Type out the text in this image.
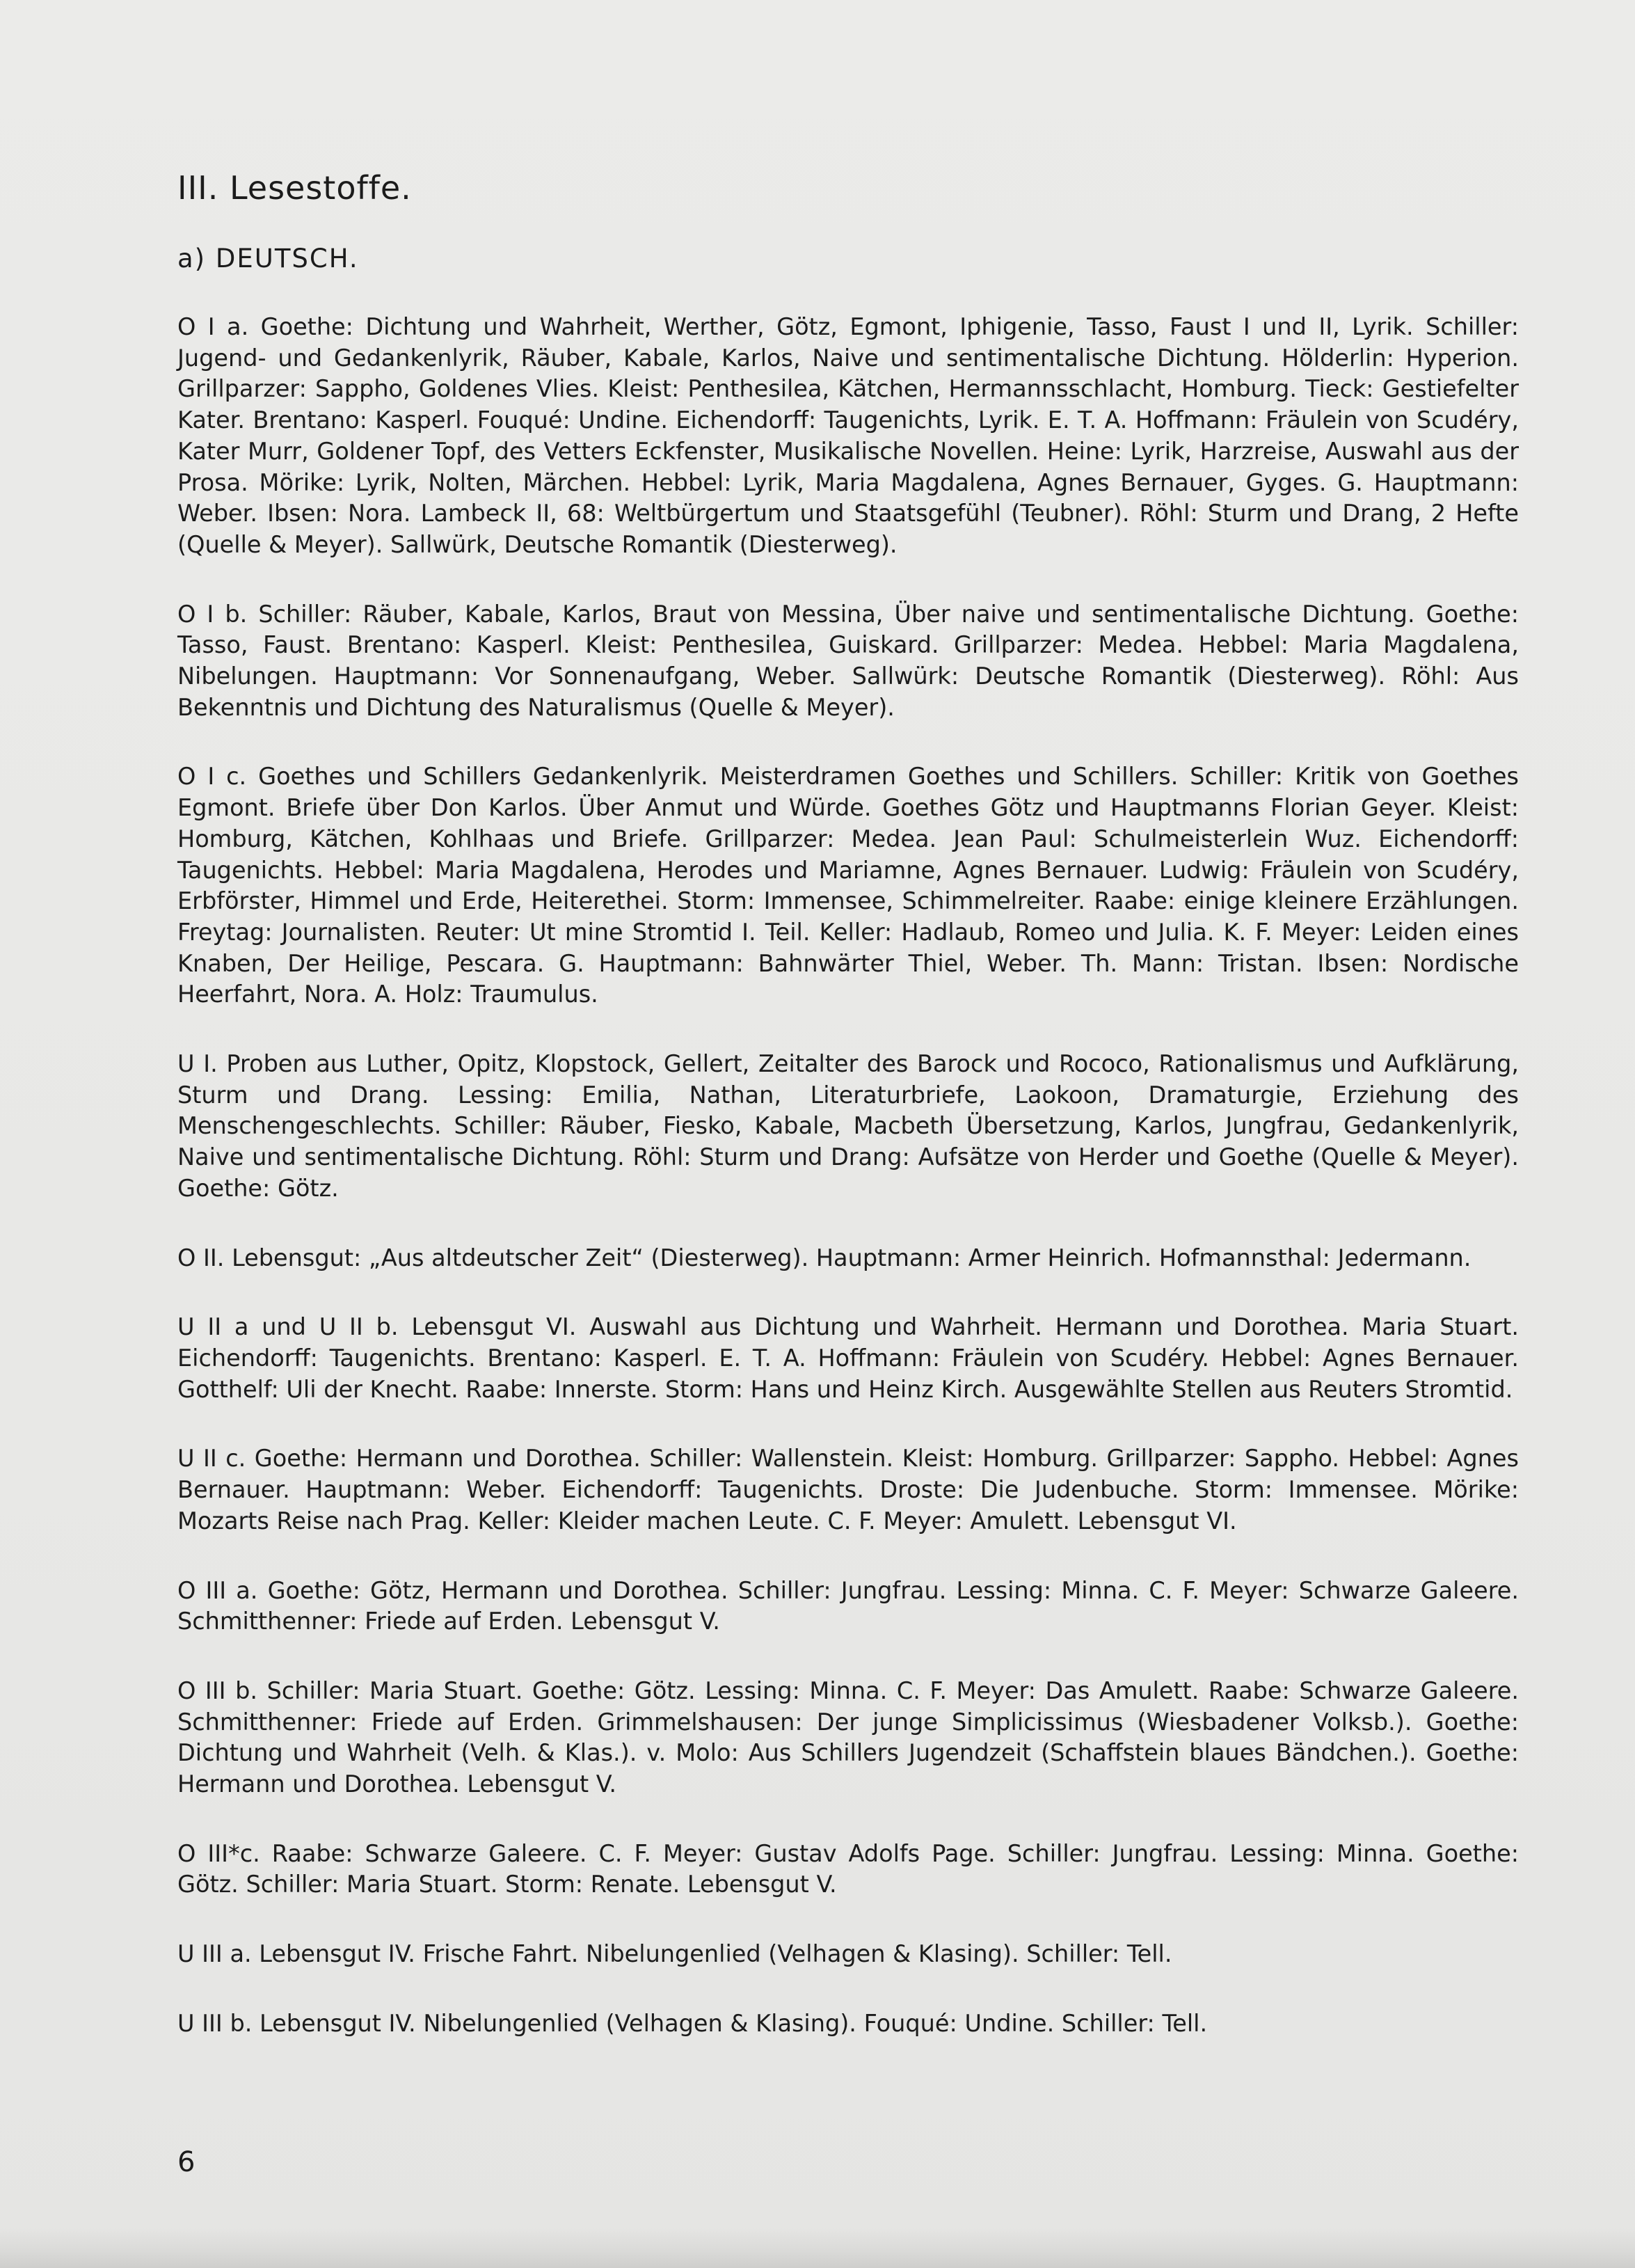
III. Lesestoffe.
a) DEUTSCH.

O I a. Goethe: Dichtung und Wahrheit, Werther, Götz, Egmont, Iphigenie, Tasso, Faust I und II, Lyrik. Schiller: Jugend- und Gedankenlyrik, Räuber, Kabale, Karlos, Naive und sentimentalische Dichtung. Hölderlin: Hyperion. Grillparzer: Sappho, Goldenes Vlies. Kleist: Penthesilea, Kätchen, Hermannsschlacht, Homburg. Tieck: Gestiefelter Kater. Brentano: Kasperl. Fouqué: Undine. Eichendorff: Taugenichts, Lyrik. E. T. A. Hoffmann: Fräulein von Scudéry, Kater Murr, Goldener Topf, des Vetters Eckfenster, Musikalische Novellen. Heine: Lyrik, Harzreise, Auswahl aus der Prosa. Mörike: Lyrik, Nolten, Märchen. Hebbel: Lyrik, Maria Magdalena, Agnes Bernauer, Gyges. G. Hauptmann: Weber. Ibsen: Nora. Lambeck II, 68: Weltbürgertum und Staatsgefühl (Teubner). Röhl: Sturm und Drang, 2 Hefte (Quelle & Meyer). Sallwürk, Deutsche Romantik (Diesterweg).

O I b. Schiller: Räuber, Kabale, Karlos, Braut von Messina, Über naive und sentimentalische Dichtung. Goethe: Tasso, Faust. Brentano: Kasperl. Kleist: Penthesilea, Guiskard. Grillparzer: Medea. Hebbel: Maria Magdalena, Nibelungen. Hauptmann: Vor Sonnenaufgang, Weber. Sallwürk: Deutsche Romantik (Diesterweg). Röhl: Aus Bekenntnis und Dichtung des Naturalismus (Quelle & Meyer).

O I c. Goethes und Schillers Gedankenlyrik. Meisterdramen Goethes und Schillers. Schiller: Kritik von Goethes Egmont. Briefe über Don Karlos. Über Anmut und Würde. Goethes Götz und Hauptmanns Florian Geyer. Kleist: Homburg, Kätchen, Kohlhaas und Briefe. Grillparzer: Medea. Jean Paul: Schulmeisterlein Wuz. Eichendorff: Taugenichts. Hebbel: Maria Magdalena, Herodes und Mariamne, Agnes Bernauer. Ludwig: Fräulein von Scudéry, Erbförster, Himmel und Erde, Heiterethei. Storm: Immensee, Schimmelreiter. Raabe: einige kleinere Erzählungen. Freytag: Journalisten. Reuter: Ut mine Stromtid I. Teil. Keller: Hadlaub, Romeo und Julia. K. F. Meyer: Leiden eines Knaben, Der Heilige, Pescara. G. Hauptmann: Bahnwärter Thiel, Weber. Th. Mann: Tristan. Ibsen: Nordische Heerfahrt, Nora. A. Holz: Traumulus.

U I. Proben aus Luther, Opitz, Klopstock, Gellert, Zeitalter des Barock und Rococo, Rationalismus und Aufklärung, Sturm und Drang. Lessing: Emilia, Nathan, Literaturbriefe, Laokoon, Dramaturgie, Erziehung des Menschengeschlechts. Schiller: Räuber, Fiesko, Kabale, Macbeth Übersetzung, Karlos, Jungfrau, Gedankenlyrik, Naive und sentimentalische Dichtung. Röhl: Sturm und Drang: Aufsätze von Herder und Goethe (Quelle & Meyer). Goethe: Götz.

O II. Lebensgut: „Aus altdeutscher Zeit“ (Diesterweg). Hauptmann: Armer Heinrich. Hofmannsthal: Jedermann.

U II a und U II b. Lebensgut VI. Auswahl aus Dichtung und Wahrheit. Hermann und Dorothea. Maria Stuart. Eichendorff: Taugenichts. Brentano: Kasperl. E. T. A. Hoffmann: Fräulein von Scudéry. Hebbel: Agnes Bernauer. Gotthelf: Uli der Knecht. Raabe: Innerste. Storm: Hans und Heinz Kirch. Ausgewählte Stellen aus Reuters Stromtid.

U II c. Goethe: Hermann und Dorothea. Schiller: Wallenstein. Kleist: Homburg. Grillparzer: Sappho. Hebbel: Agnes Bernauer. Hauptmann: Weber. Eichendorff: Taugenichts. Droste: Die Judenbuche. Storm: Immensee. Mörike: Mozarts Reise nach Prag. Keller: Kleider machen Leute. C. F. Meyer: Amulett. Lebensgut VI.

O III a. Goethe: Götz, Hermann und Dorothea. Schiller: Jungfrau. Lessing: Minna. C. F. Meyer: Schwarze Galeere. Schmitthenner: Friede auf Erden. Lebensgut V.

O III b. Schiller: Maria Stuart. Goethe: Götz. Lessing: Minna. C. F. Meyer: Das Amulett. Raabe: Schwarze Galeere. Schmitthenner: Friede auf Erden. Grimmelshausen: Der junge Simplicissimus (Wiesbadener Volksb.). Goethe: Dichtung und Wahrheit (Velh. & Klas.). v. Molo: Aus Schillers Jugendzeit (Schaffstein blaues Bändchen.). Goethe: Hermann und Dorothea. Lebensgut V.

O III*c. Raabe: Schwarze Galeere. C. F. Meyer: Gustav Adolfs Page. Schiller: Jungfrau. Lessing: Minna. Goethe: Götz. Schiller: Maria Stuart. Storm: Renate. Lebensgut V.

U III a. Lebensgut IV. Frische Fahrt. Nibelungenlied (Velhagen & Klasing). Schiller: Tell.

U III b. Lebensgut IV. Nibelungenlied (Velhagen & Klasing). Fouqué: Undine. Schiller: Tell.

6
